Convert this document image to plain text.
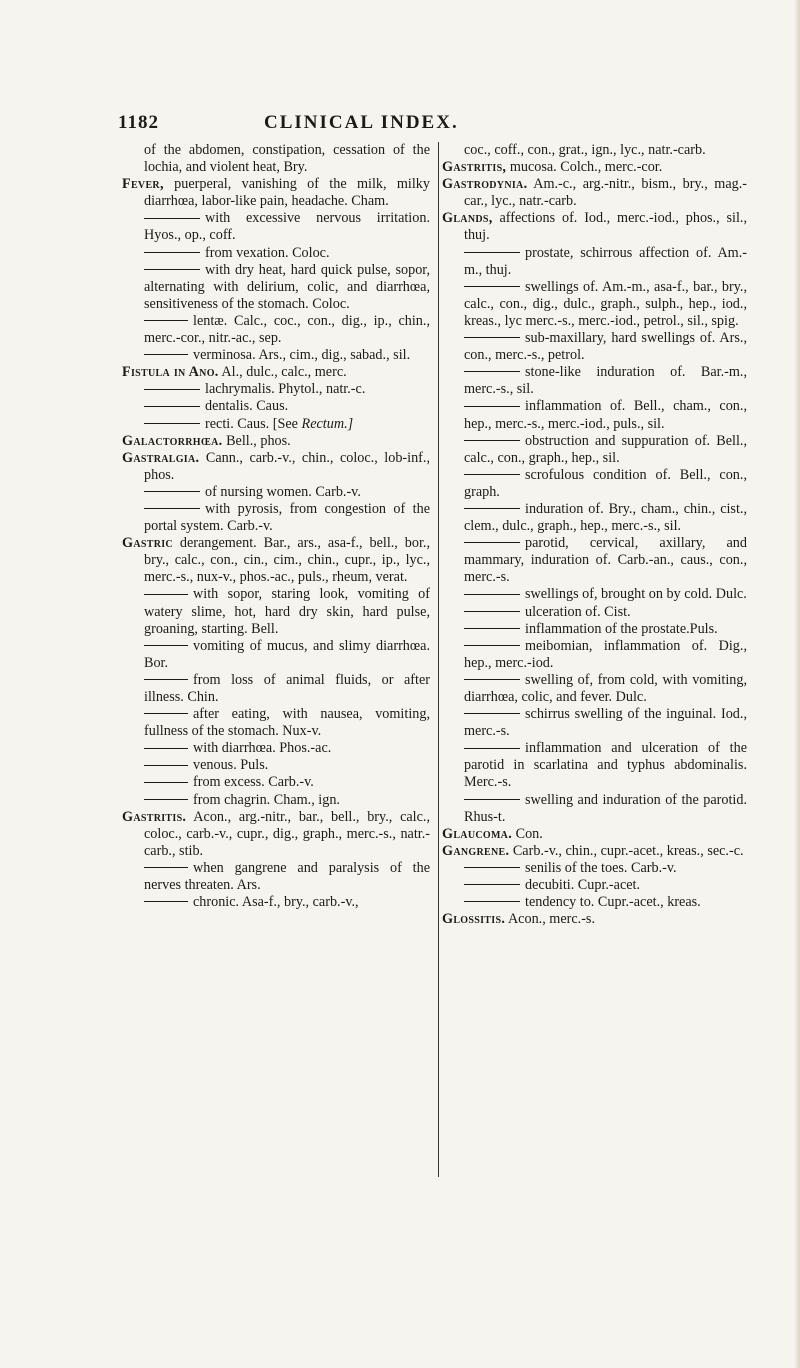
1182	CLINICAL INDEX.

of the abdomen, constipation, cessation of the lochia, and violent heat, Bry.

Fever, puerperal, vanishing of the milk, milky diarrhœa, labor-like pain, headache. Cham.

with excessive nervous irritation. Hyos., op., coff.

from vexation. Coloc.

with dry heat, hard quick pulse, sopor, alternating with delirium, colic, and diarrhœa, sensitiveness of the stomach. Coloc.

lentæ. Calc., coc., con., dig., ip., chin., merc.-cor., nitr.-ac., sep.

verminosa. Ars., cim., dig., sabad., sil.

Fistula in Ano. Al., dulc., calc., merc.

lachrymalis. Phytol., natr.-c.

dentalis. Caus.

recti. Caus. [See Rectum.]

Galactorrhœa. Bell., phos.

Gastralgia. Cann., carb.-v., chin., coloc., lob-inf., phos.

of nursing women. Carb.-v.

with pyrosis, from congestion of the portal system. Carb.-v.

Gastric derangement. Bar., ars., asa-f., bell., bor., bry., calc., con., cin., cim., chin., cupr., ip., lyc., merc.-s., nux-v., phos.-ac., puls., rheum, verat.

with sopor, staring look, vomiting of watery slime, hot, hard dry skin, hard pulse, groaning, starting. Bell.

vomiting of mucus, and slimy diarrhœa. Bor.

from loss of animal fluids, or after illness. Chin.

after eating, with nausea, vomiting, fullness of the stomach. Nux-v.

with diarrhœa. Phos.-ac.

venous. Puls.

from excess. Carb.-v.

from chagrin. Cham., ign.

Gastritis. Acon., arg.-nitr., bar., bell., bry., calc., coloc., carb.-v., cupr., dig., graph., merc.-s., natr.-carb., stib.

when gangrene and paralysis of the nerves threaten. Ars.

chronic. Asa-f., bry., carb.-v.,

coc., coff., con., grat., ign., lyc., natr.-carb.

Gastritis, mucosa. Colch., merc.-cor.

Gastrodynia. Am.-c., arg.-nitr., bism., bry., mag.-car., lyc., natr.-carb.

Glands, affections of. Iod., merc.-iod., phos., sil., thuj.

prostate, schirrous affection of. Am.-m., thuj.

swellings of. Am.-m., asa-f., bar., bry., calc., con., dig., dulc., graph., sulph., hep., iod., kreas., lyc merc.-s., merc.-iod., petrol., sil., spig.

sub-maxillary, hard swellings of. Ars., con., merc.-s., petrol.

stone-like induration of. Bar.-m., merc.-s., sil.

inflammation of. Bell., cham., con., hep., merc.-s., merc.-iod., puls., sil.

obstruction and suppuration of. Bell., calc., con., graph., hep., sil.

scrofulous condition of. Bell., con., graph.

induration of. Bry., cham., chin., cist., clem., dulc., graph., hep., merc.-s., sil.

parotid, cervical, axillary, and mammary, induration of. Carb.-an., caus., con., merc.-s.

swellings of, brought on by cold. Dulc.

ulceration of. Cist.

inflammation of the prostate.Puls.

meibomian, inflammation of. Dig., hep., merc.-iod.

swelling of, from cold, with vomiting, diarrhœa, colic, and fever. Dulc.

schirrus swelling of the inguinal. Iod., merc.-s.

inflammation and ulceration of the parotid in scarlatina and typhus abdominalis. Merc.-s.

swelling and induration of the parotid. Rhus-t.

Glaucoma. Con.

Gangrene. Carb.-v., chin., cupr.-acet., kreas., sec.-c.

senilis of the toes. Carb.-v.

decubiti. Cupr.-acet.

tendency to. Cupr.-acet., kreas.

Glossitis. Acon., merc.-s.
